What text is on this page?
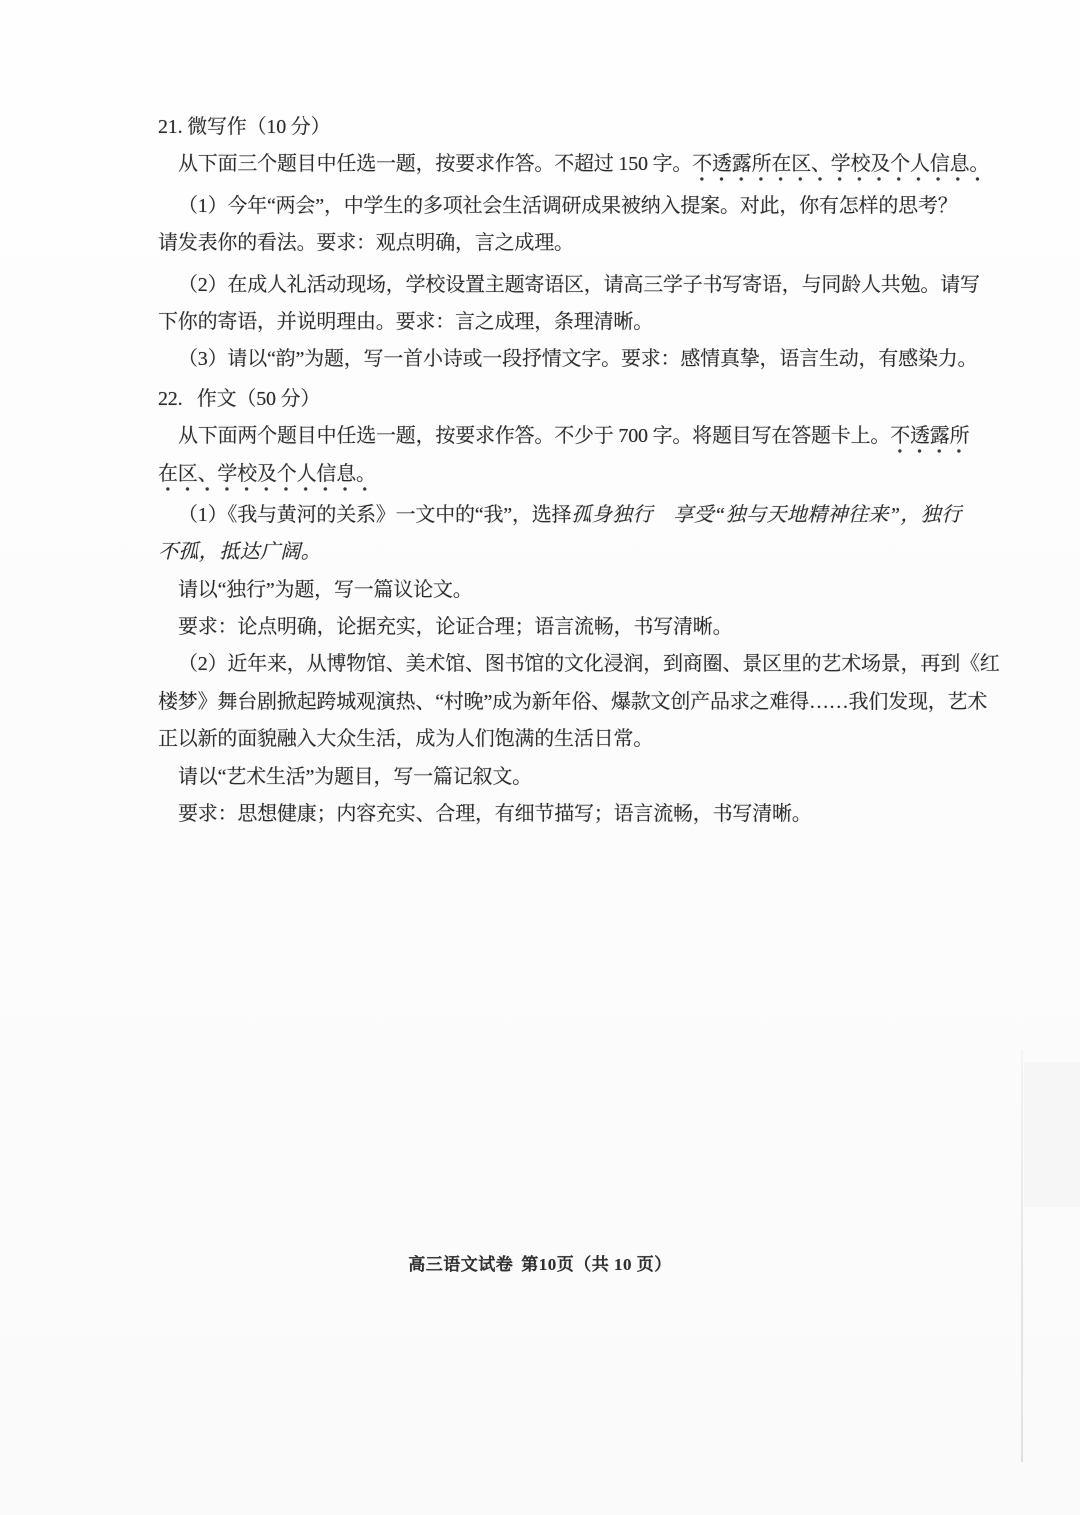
21. 微写作（10 分）
从下面三个题目中任选一题，按要求作答。不超过 150 字。不透露所在区、学校及个人信息。
（1）今年“两会”，中学生的多项社会生活调研成果被纳入提案。对此，你有怎样的思考？
请发表你的看法。要求：观点明确，言之成理。
（2）在成人礼活动现场，学校设置主题寄语区，请高三学子书写寄语，与同龄人共勉。请写
下你的寄语，并说明理由。要求：言之成理，条理清晰。
（3）请以“韵”为题，写一首小诗或一段抒情文字。要求：感情真挚，语言生动，有感染力。
22.   作文（50 分）
从下面两个题目中任选一题，按要求作答。不少于 700 字。将题目写在答题卡上。不透露所
在区、学校及个人信息。
（1）《我与黄河的关系》一文中的“我”，选择孤身独行　享受“独与天地精神往来”，独行
不孤，抵达广阔。
请以“独行”为题，写一篇议论文。
要求：论点明确，论据充实，论证合理；语言流畅，书写清晰。
（2）近年来，从博物馆、美术馆、图书馆的文化浸润，到商圈、景区里的艺术场景，再到《红
楼梦》舞台剧掀起跨城观演热、“村晚”成为新年俗、爆款文创产品求之难得……我们发现，艺术
正以新的面貌融入大众生活，成为人们饱满的生活日常。
请以“艺术生活”为题目，写一篇记叙文。
要求：思想健康；内容充实、合理，有细节描写；语言流畅，书写清晰。
高三语文试卷 第10页（共 10 页）
